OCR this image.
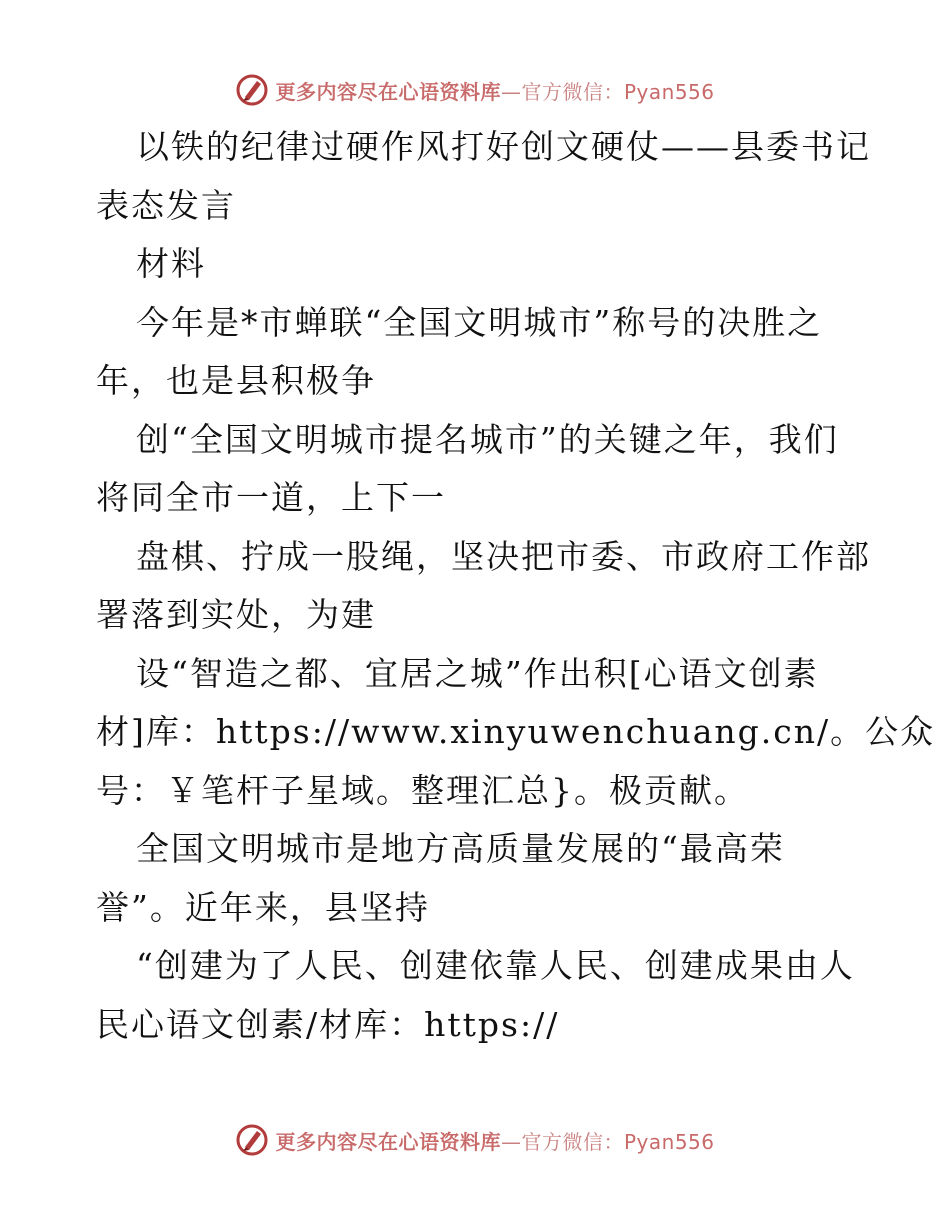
更多内容尽在心语资料库—官方微信：Pyan556
以铁的纪律过硬作风打好创文硬仗——县委书记
表态发言
材料
今年是*市蝉联“全国文明城市”称号的决胜之
年，也是县积极争
创“全国文明城市提名城市”的关键之年，我们
将同全市一道，上下一
盘棋、拧成一股绳，坚决把市委、市政府工作部
署落到实处，为建
设“智造之都、宜居之城”作出积[心语文创素
材]库：https://www.xinyuwenchuang.cn/。公众
号：￥笔杆子星域。整理汇总}。极贡献。
全国文明城市是地方高质量发展的“最高荣
誉”。近年来，县坚持
“创建为了人民、创建依靠人民、创建成果由人
民心语文创素/材库：https://
更多内容尽在心语资料库—官方微信：Pyan556
